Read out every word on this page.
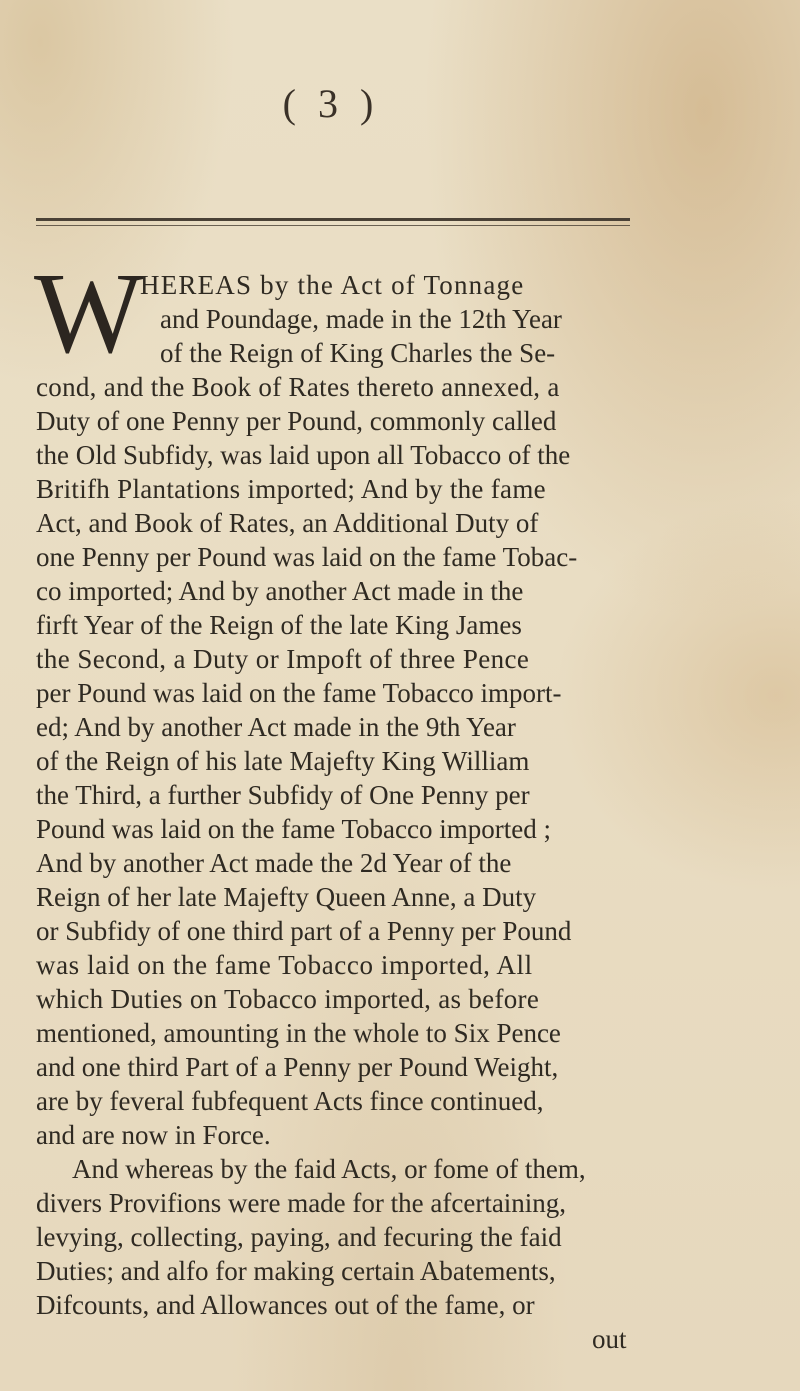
( 3 )
W
HEREAS by the Act of Tonnage
and Poundage, made in the 12th Year
of the Reign of King Charles the Se-
cond, and the Book of Rates thereto annexed, a
Duty of one Penny per Pound, commonly called
the Old Subfidy, was laid upon all Tobacco of the
Britifh Plantations imported; And by the fame
Act, and Book of Rates, an Additional Duty of
one Penny per Pound was laid on the fame Tobac-
co imported; And by another Act made in the
firft Year of the Reign of the late King James
the Second, a Duty or Impoft of three Pence
per Pound was laid on the fame Tobacco import-
ed; And by another Act made in the 9th Year
of the Reign of his late Majefty King William
the Third, a further Subfidy of One Penny per
Pound was laid on the fame Tobacco imported ;
And by another Act made the 2d Year of the
Reign of her late Majefty Queen Anne, a Duty
or Subfidy of one third part of a Penny per Pound
was laid on the fame Tobacco imported, All
which Duties on Tobacco imported, as before
mentioned, amounting in the whole to Six Pence
and one third Part of a Penny per Pound Weight,
are by feveral fubfequent Acts fince continued,
and are now in Force.
And whereas by the faid Acts, or fome of them,
divers Provifions were made for the afcertaining,
levying, collecting, paying, and fecuring the faid
Duties; and alfo for making certain Abatements,
Difcounts, and Allowances out of the fame, or
out
